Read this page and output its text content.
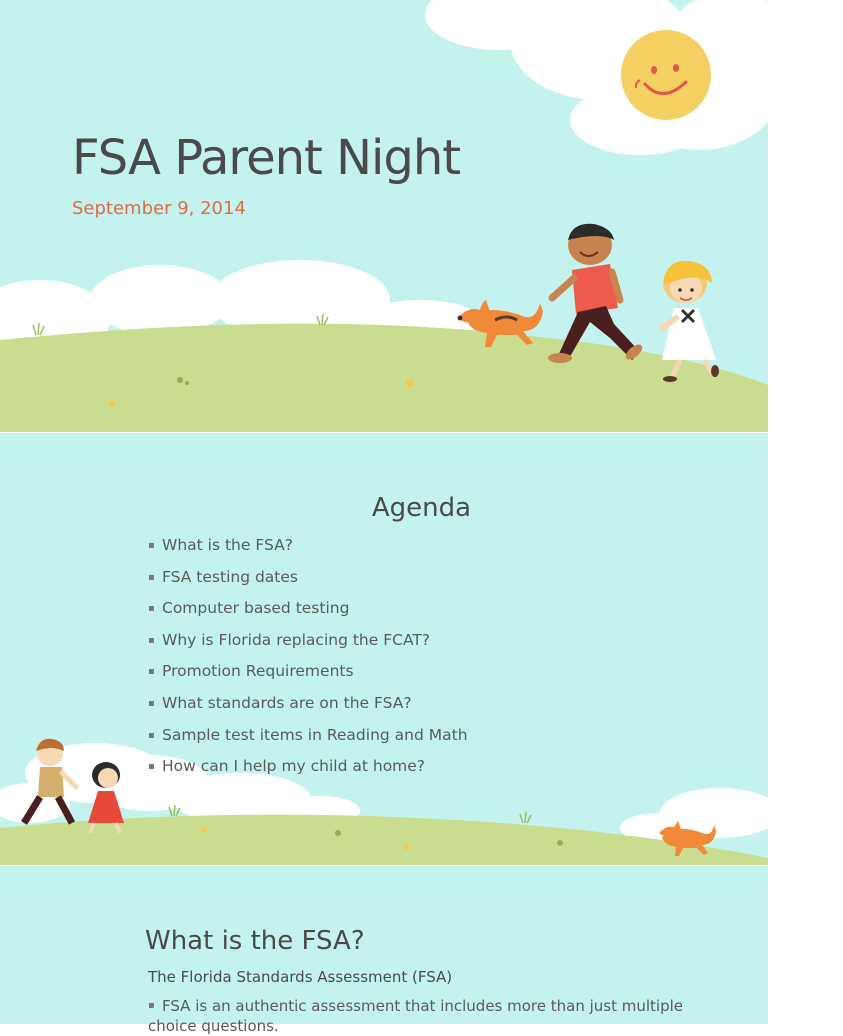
FSA Parent Night
September 9, 2014
Agenda
▪ What is the FSA?
▪ FSA testing dates
▪ Computer based testing
▪ Why is Florida replacing the FCAT?
▪ Promotion Requirements
▪ What standards are on the FSA?
▪ Sample test items in Reading and Math
▪ How can I help my child at home?
What is the FSA?
The Florida Standards Assessment (FSA)
▪ FSA is an authentic assessment that includes more than just multiple choice questions.
